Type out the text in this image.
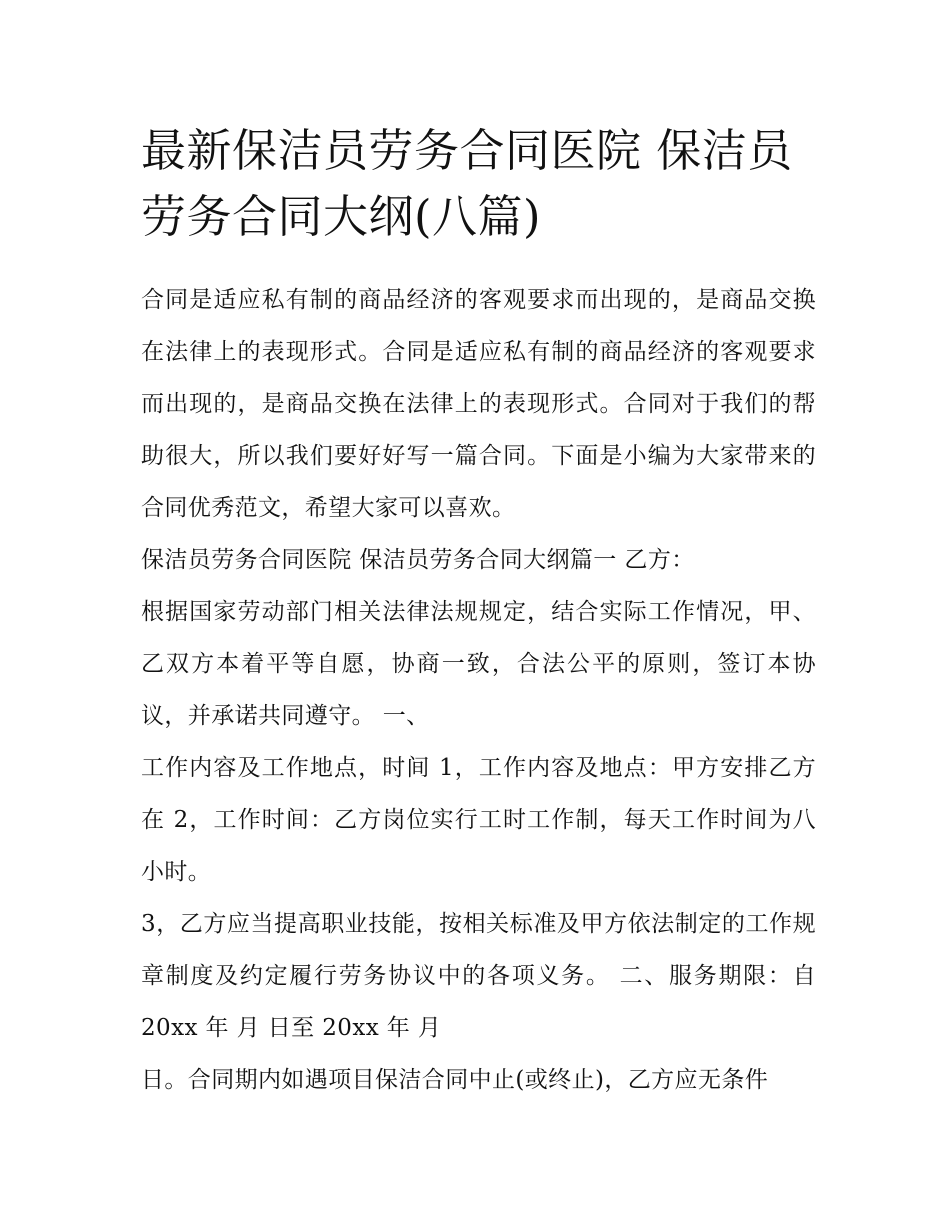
最新保洁员劳务合同医院 保洁员劳务合同大纲(八篇)

合同是适应私有制的商品经济的客观要求而出现的，是商品交换在法律上的表现形式。合同是适应私有制的商品经济的客观要求而出现的，是商品交换在法律上的表现形式。合同对于我们的帮助很大，所以我们要好好写一篇合同。下面是小编为大家带来的合同优秀范文，希望大家可以喜欢。

保洁员劳务合同医院 保洁员劳务合同大纲篇一 乙方：

根据国家劳动部门相关法律法规规定，结合实际工作情况，甲、乙双方本着平等自愿，协商一致，合法公平的原则，签订本协议，并承诺共同遵守。 一、

工作内容及工作地点，时间 1，工作内容及地点：甲方安排乙方在 2，工作时间：乙方岗位实行工时工作制，每天工作时间为八小时。

3，乙方应当提高职业技能，按相关标准及甲方依法制定的工作规章制度及约定履行劳务协议中的各项义务。 二、服务期限：自 20xx 年 月 日至 20xx 年 月

日。合同期内如遇项目保洁合同中止(或终止)，乙方应无条件
